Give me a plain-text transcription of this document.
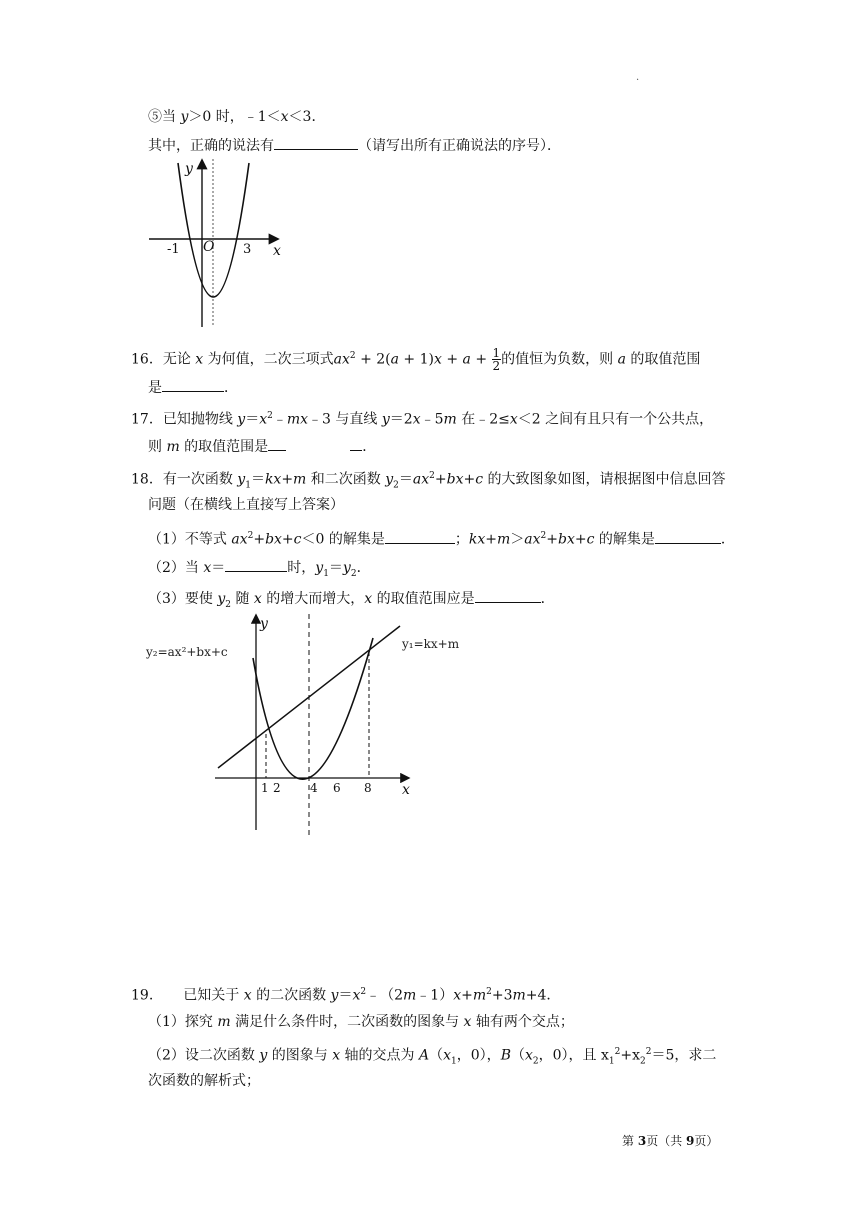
.
⑤当 y＞0 时，﹣1＜x＜3．
其中，正确的说法有	（请写出所有正确说法的序号）．
y
x
O
-1	3
16．无论 x 为何值，二次三项式$ax^2 + 2(a + 1)x + a + \frac{1}{2}$ 的值恒为负数，则 a 的取值范围
是	．
17．已知抛物线 $y=x^2﹣mx﹣3$ 与直线 y＝2x﹣5m 在﹣2≤x＜2 之间有且只有一个公共点，
则 m 的取值范围是	．
18．有一次函数 $y_1=kx+m$ 和二次函数 $y_2=ax^2+bx+c$ 的大致图象如图，请根据图中信息回答
问题（在横线上直接写上答案）
（1）不等式 $ax^2+bx+c<0$ 的解集是	；$kx+m>ax^2+bx+c$ 的解集是	．
（2）当 x＝	时，$y_1=y_2$．
（3）要使 $y_2$ 随 x 的增大而增大，x 的取值范围应是	．
y
x
y₂=ax²+bx+c
y₁=kx+m
1 2 4 6 8
19. 已知关于 x 的二次函数 $y=x^2﹣(2m﹣1)x+m^2+3m+4$．
（1）探究 m 满足什么条件时，二次函数的图象与 x 轴有两个交点；
（2）设二次函数 y 的图象与 x 轴的交点为 $A(x_1$，0），$B(x_2$，0），且 $x_1^2+x_2^2=5$，求二
次函数的解析式；
第 3页（共 9页）
